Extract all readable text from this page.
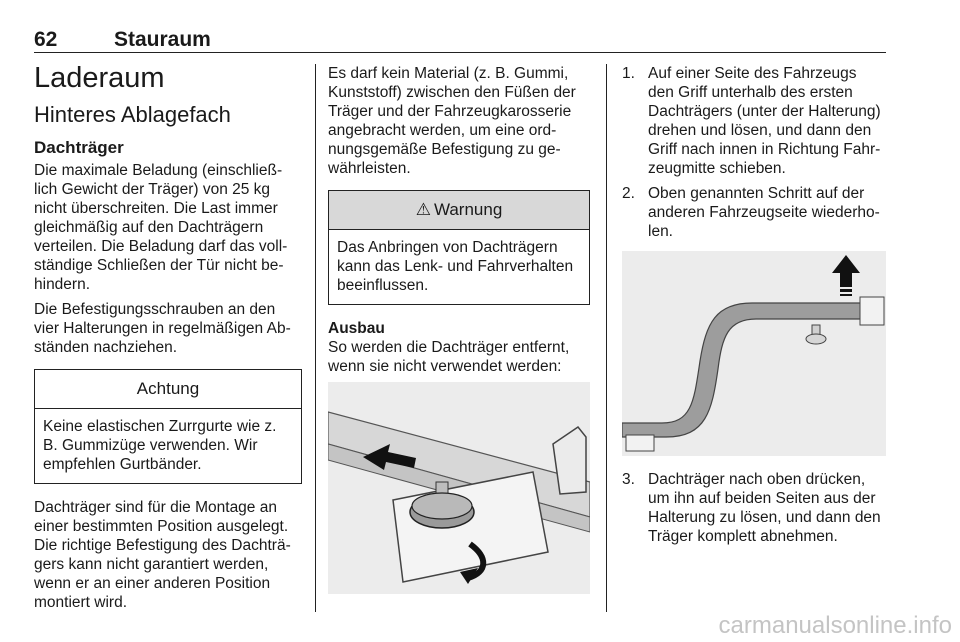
62	Stauraum
Laderaum
Hinteres Ablagefach
Dachträger

Die maximale Beladung (einschließ- lich Gewicht der Träger) von 25 kg nicht überschreiten. Die Last immer gleichmäßig auf den Dachträgern verteilen. Die Beladung darf das voll- ständige Schließen der Tür nicht be- hindern.

Die Befestigungsschrauben an den vier Halterungen in regelmäßigen Ab- ständen nachziehen.

Achtung
Keine elastischen Zurrgurte wie z. B. Gummizüge verwenden. Wir empfehlen Gurtbänder.

Dachträger sind für die Montage an einer bestimmten Position ausgelegt. Die richtige Befestigung des Dachträ- gers kann nicht garantiert werden, wenn er an einer anderen Position montiert wird.

Es darf kein Material (z. B. Gummi, Kunststoff) zwischen den Füßen der Träger und der Fahrzeugkarosserie angebracht werden, um eine ord- nungsgemäße Befestigung zu ge- währleisten.

⚠ Warnung
Das Anbringen von Dachträgern kann das Lenk- und Fahrverhalten beeinflussen.
Ausbau

So werden die Dachträger entfernt, wenn sie nicht verwendet werden:

1. Auf einer Seite des Fahrzeugs den Griff unterhalb des ersten Dachträgers (unter der Halterung) drehen und lösen, und dann den Griff nach innen in Richtung Fahr- zeugmitte schieben.
2. Oben genannten Schritt auf der anderen Fahrzeugseite wiederho- len.
3. Dachträger nach oben drücken, um ihn auf beiden Seiten aus der Halterung zu lösen, und dann den Träger komplett abnehmen.
carmanualsonline.info
